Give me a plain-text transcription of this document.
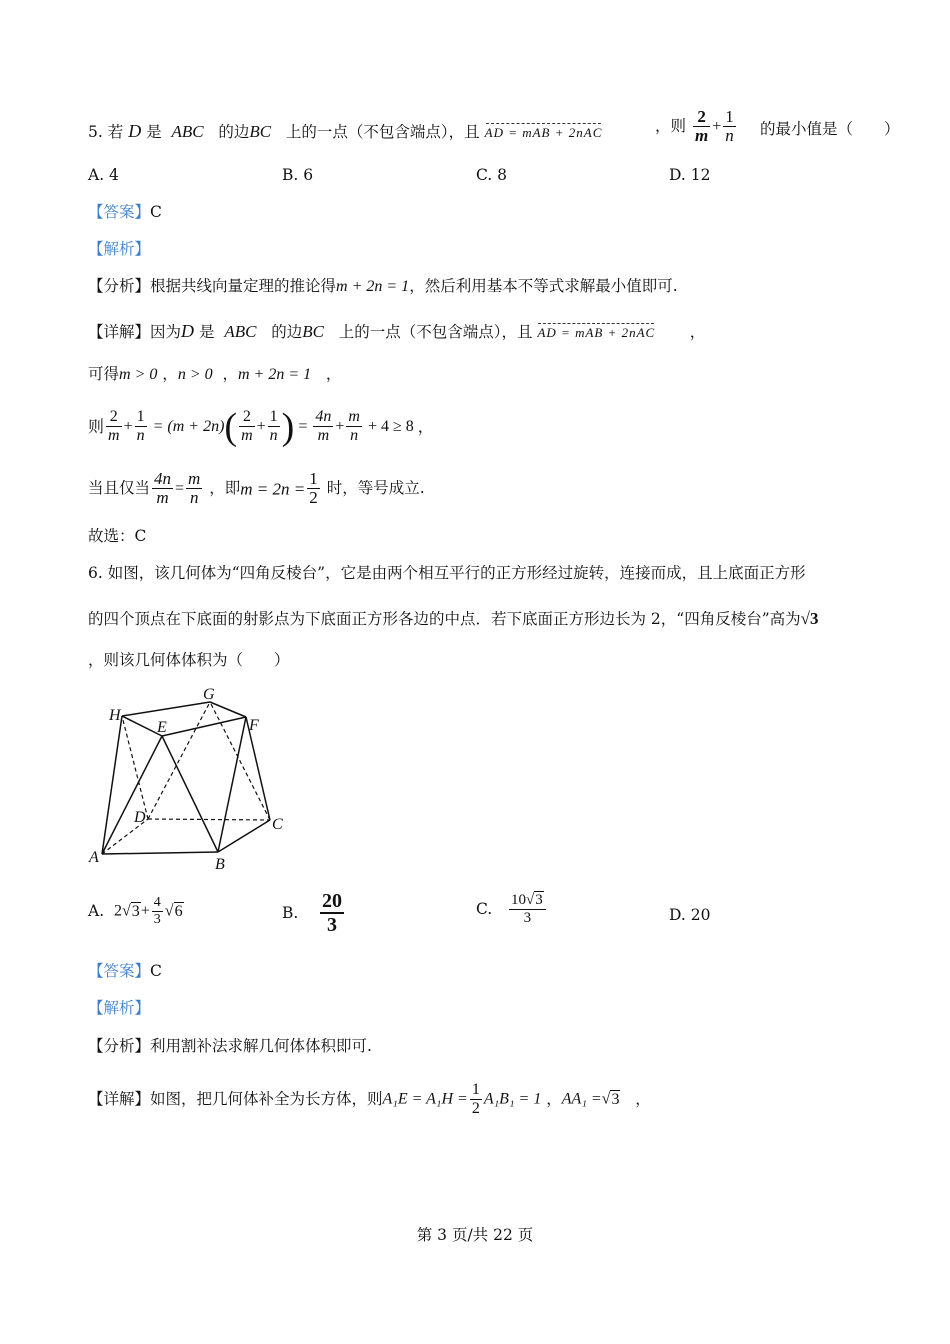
5. 若 D 是 ABC 的边BC 上的一点（不包含端点），且 AD = mAB + 2nAC	，则 $\frac{2}{m} + \frac{1}{n}$ 的最小值是（　　）
A. 4	B. 6	C. 8	D. 12
【答案】C
【解析】
【分析】根据共线向量定理的推论得m + 2n = 1，然后利用基本不等式求解最小值即可.
【详解】因为D 是 ABC 的边BC 上的一点（不包含端点），且 AD = mAB + 2nAC ，
可得m > 0 ，n > 0  ，m + 2n = 1   ，
则 $\frac{2}{m} + \frac{1}{n} = (m + 2n)( \frac{2}{m} + \frac{1}{n}$ ) = $\frac{4n}{m} + \frac{m}{n} + 4 \ge 8$ ，
当且仅当 $\frac{4n}{m} = \frac{m}{n}$ ，即$m = 2n = \frac{1}{2}$ 时，等号成立.
故选：C
6. 如图，该几何体为“四角反棱台”，它是由两个相互平行的正方形经过旋转，连接而成，且上底面正方形
的四个顶点在下底面的射影点为下底面正方形各边的中点．若下底面正方形边长为 2，“四角反棱台”高为√3
，则该几何体体积为（　　）
H
E
G
F
D	C
A	B
A. $2√3+ \frac{4}{3} √6$	B. $\frac{20}{3}$	C. $\frac{10√3}{3}$	D. 20
【答案】C
【解析】
【分析】利用割补法求解几何体体积即可.
【详解】如图，把几何体补全为长方体，则$A_1E = A_1H = \frac{1}{2} A_1B_1 = 1$ ，AA₁ =√3 ，
第 3 页/共 22 页
